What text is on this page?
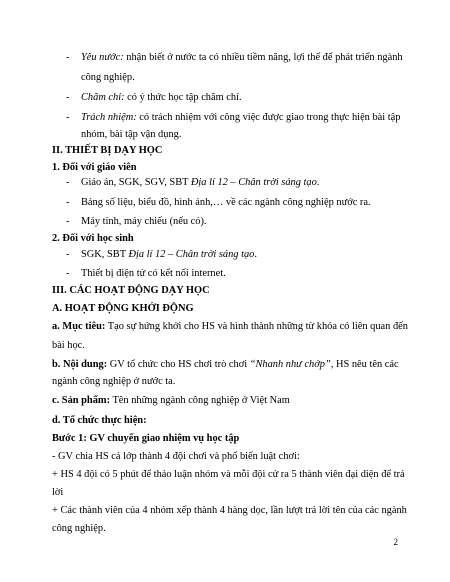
- Yêu nước: nhận biết ở nước ta có nhiều tiềm năng, lợi thế để phát triển ngành
công nghiệp.
- Chăm chỉ: có ý thức học tập chăm chỉ.
- Trách nhiệm: có trách nhiệm với công việc được giao trong thực hiện bài tập
nhóm, bài tập vận dụng.
II. THIẾT BỊ DẠY HỌC
1. Đối với giáo viên
- Giáo án, SGK, SGV, SBT Địa lí 12 – Chân trời sáng tạo.
- Bảng số liệu, biểu đồ, hình ảnh,… về các ngành công nghiệp nước ra.
- Máy tính, máy chiếu (nếu có).
2. Đối với học sinh
- SGK, SBT Địa lí 12 – Chân trời sáng tạo.
- Thiết bị điện tử có kết nối internet.
III. CÁC HOẠT ĐỘNG DẠY HỌC
A. HOẠT ĐỘNG KHỞI ĐỘNG
a. Mục tiêu: Tạo sự hứng khởi cho HS và hình thành những từ khóa có liên quan đến
bài học.
b. Nội dung: GV tổ chức cho HS chơi trò chơi “Nhanh như chớp”, HS nêu tên các
ngành công nghiệp ở nước ta.
c. Sản phẩm: Tên những ngành công nghiệp ở Việt Nam
d. Tổ chức thực hiện:
Bước 1: GV chuyển giao nhiệm vụ học tập
- GV chia HS cả lớp thành 4 đội chơi và phổ biến luật chơi:
+ HS 4 đội có 5 phút để thảo luận nhóm và mỗi đội cử ra 5 thành viên đại diện để trả
lời
+ Các thành viên của 4 nhóm xếp thành 4 hàng dọc, lần lượt trả lời tên của các ngành
công nghiệp.
2
